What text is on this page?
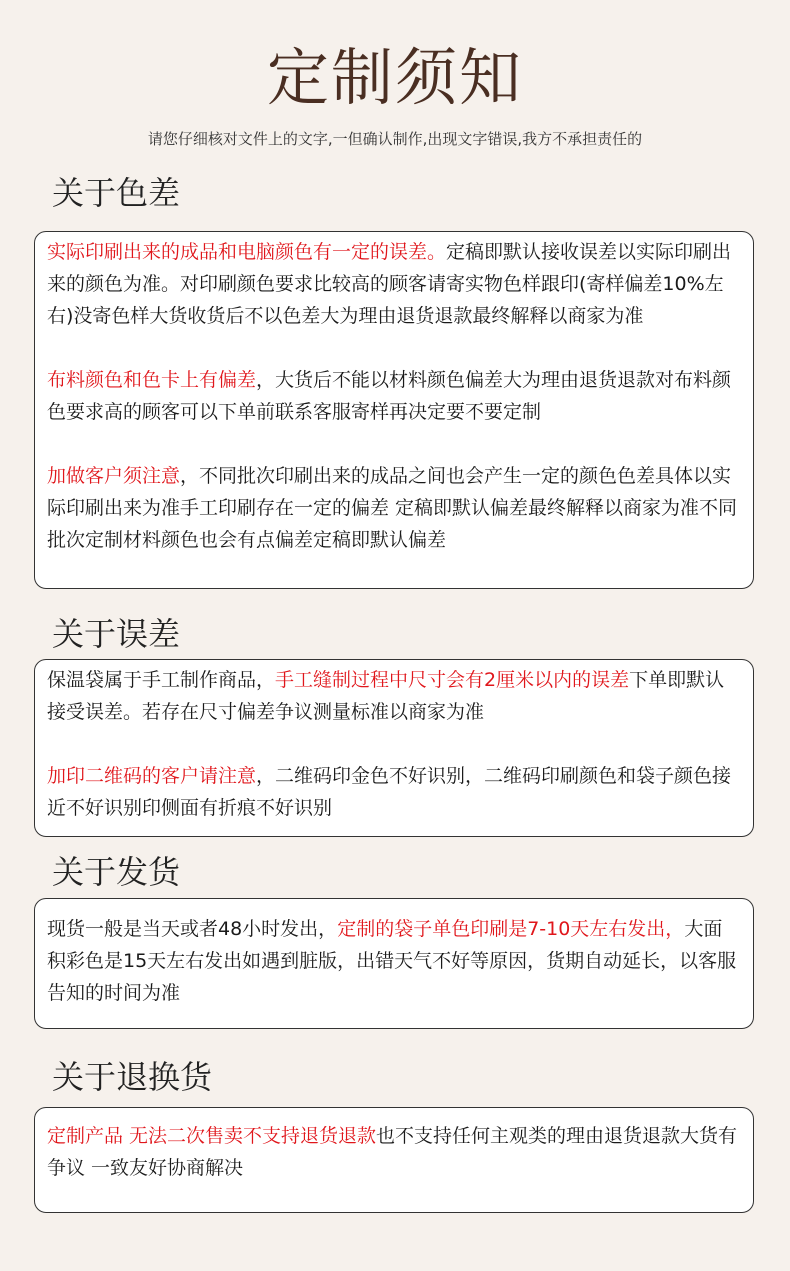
定制须知
请您仔细核对文件上的文字,一但确认制作,出现文字错误,我方不承担责任的
关于色差

实际印刷出来的成品和电脑颜色有一定的误差。定稿即默认接收误差以实际印刷出来的颜色为准。对印刷颜色要求比较高的顾客请寄实物色样跟印(寄样偏差10%左右)没寄色样大货收货后不以色差大为理由退货退款最终解释以商家为准

布料颜色和色卡上有偏差，大货后不能以材料颜色偏差大为理由退货退款对布料颜色要求高的顾客可以下单前联系客服寄样再决定要不要定制

加做客户须注意，不同批次印刷出来的成品之间也会产生一定的颜色色差具体以实际印刷出来为准手工印刷存在一定的偏差 定稿即默认偏差最终解释以商家为准不同批次定制材料颜色也会有点偏差定稿即默认偏差

关于误差

保温袋属于手工制作商品，手工缝制过程中尺寸会有2厘米以内的误差下单即默认接受误差。若存在尺寸偏差争议测量标准以商家为准

加印二维码的客户请注意，二维码印金色不好识别，二维码印刷颜色和袋子颜色接近不好识别印侧面有折痕不好识别

关于发货

现货一般是当天或者48小时发出，定制的袋子单色印刷是7-10天左右发出，大面积彩色是15天左右发出如遇到脏版，出错天气不好等原因，货期自动延长，以客服告知的时间为准

关于退换货

定制产品 无法二次售卖不支持退货退款也不支持任何主观类的理由退货退款大货有争议 一致友好协商解决
